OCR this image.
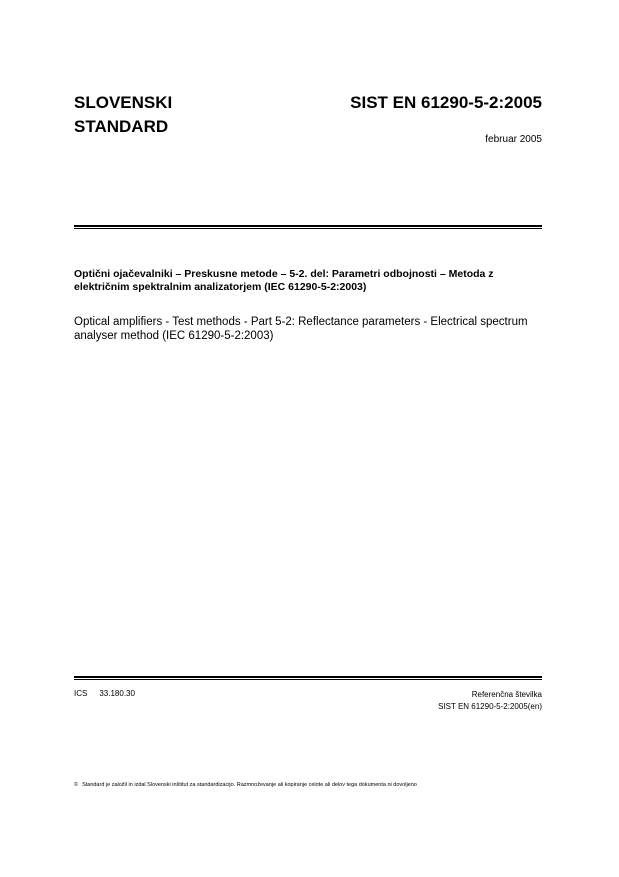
SLOVENSKI
STANDARD
SIST EN 61290-5-2:2005
februar 2005
Optični ojačevalniki – Preskusne metode – 5-2. del: Parametri odbojnosti – Metoda z električnim spektralnim analizatorjem (IEC 61290-5-2:2003)
Optical amplifiers - Test methods - Part 5-2: Reflectance parameters - Electrical spectrum analyser method (IEC 61290-5-2:2003)
ICS 33.180.30	Referenčna številka
SIST EN 61290-5-2:2005(en)
© Standard je založil in izdal Slovenski inštitut za standardizacijo. Razmnoževanje ali kopiranje celote ali delov tega dokumenta ni dovoljeno
